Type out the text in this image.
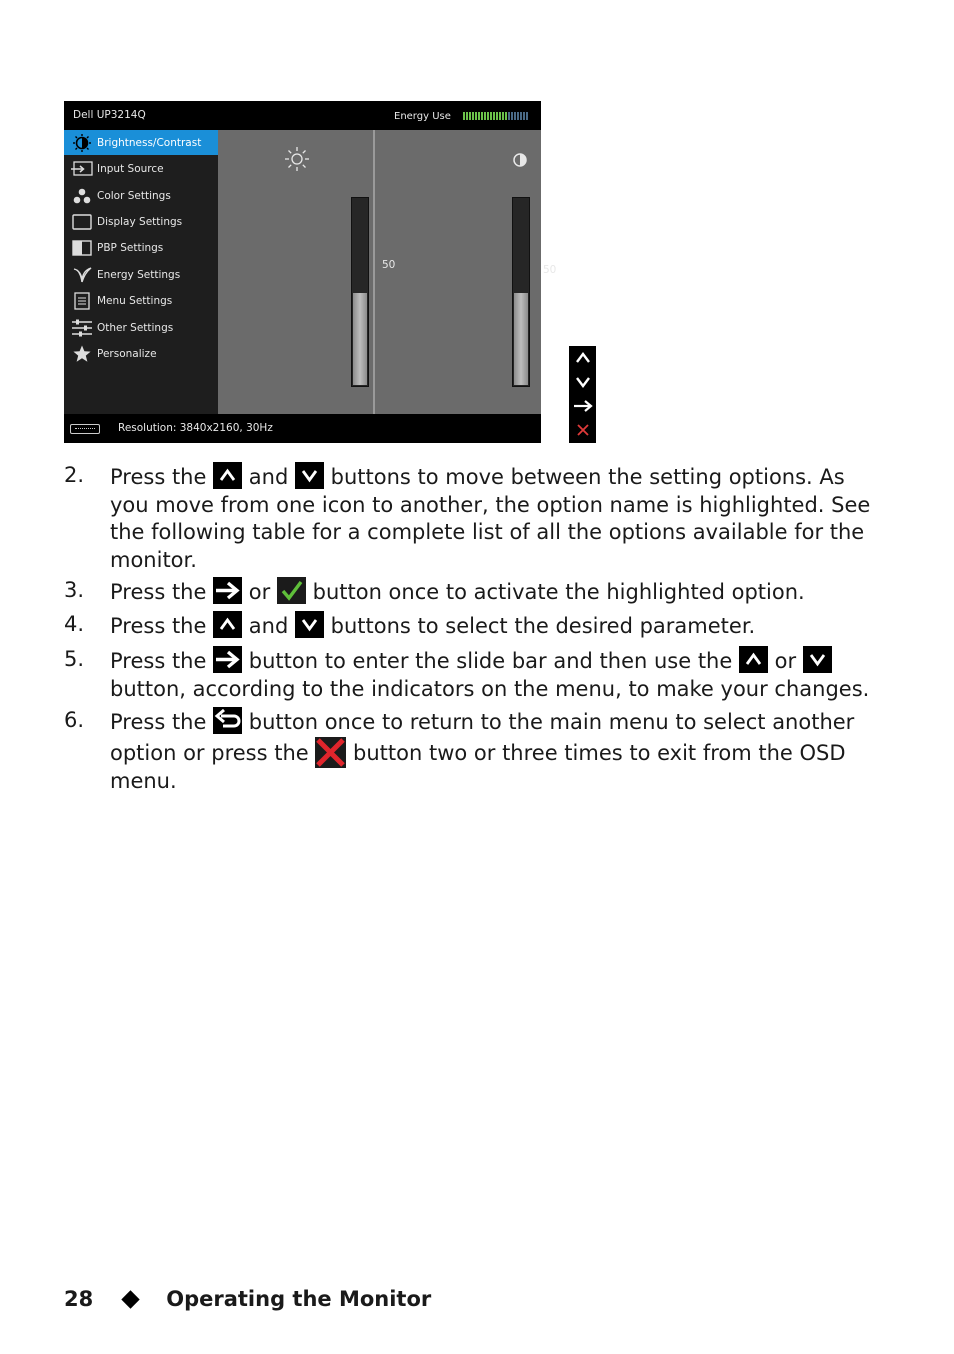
Dell UP3214Q	Energy Use
Brightness/Contrast
Input Source
Color Settings
Display Settings
PBP Settings
Energy Settings
Menu Settings
Other Settings
Personalize
50	50
Resolution: 3840x2160, 30Hz
2. Press the
and
buttons to move between the setting options. As you move from one icon to another, the option name is highlighted. See the following table for a complete list of all the options available for the monitor.
3. Press the
or
button once to activate the highlighted option.
4. Press the
and
buttons to select the desired parameter.
5. Press the
button to enter the slide bar and then use the
or
button, according to the indicators on the menu, to make your changes.
6. Press the
button once to return to the main menu to select another option or press the
button two or three times to exit from the OSD menu.
28	Operating the Monitor
